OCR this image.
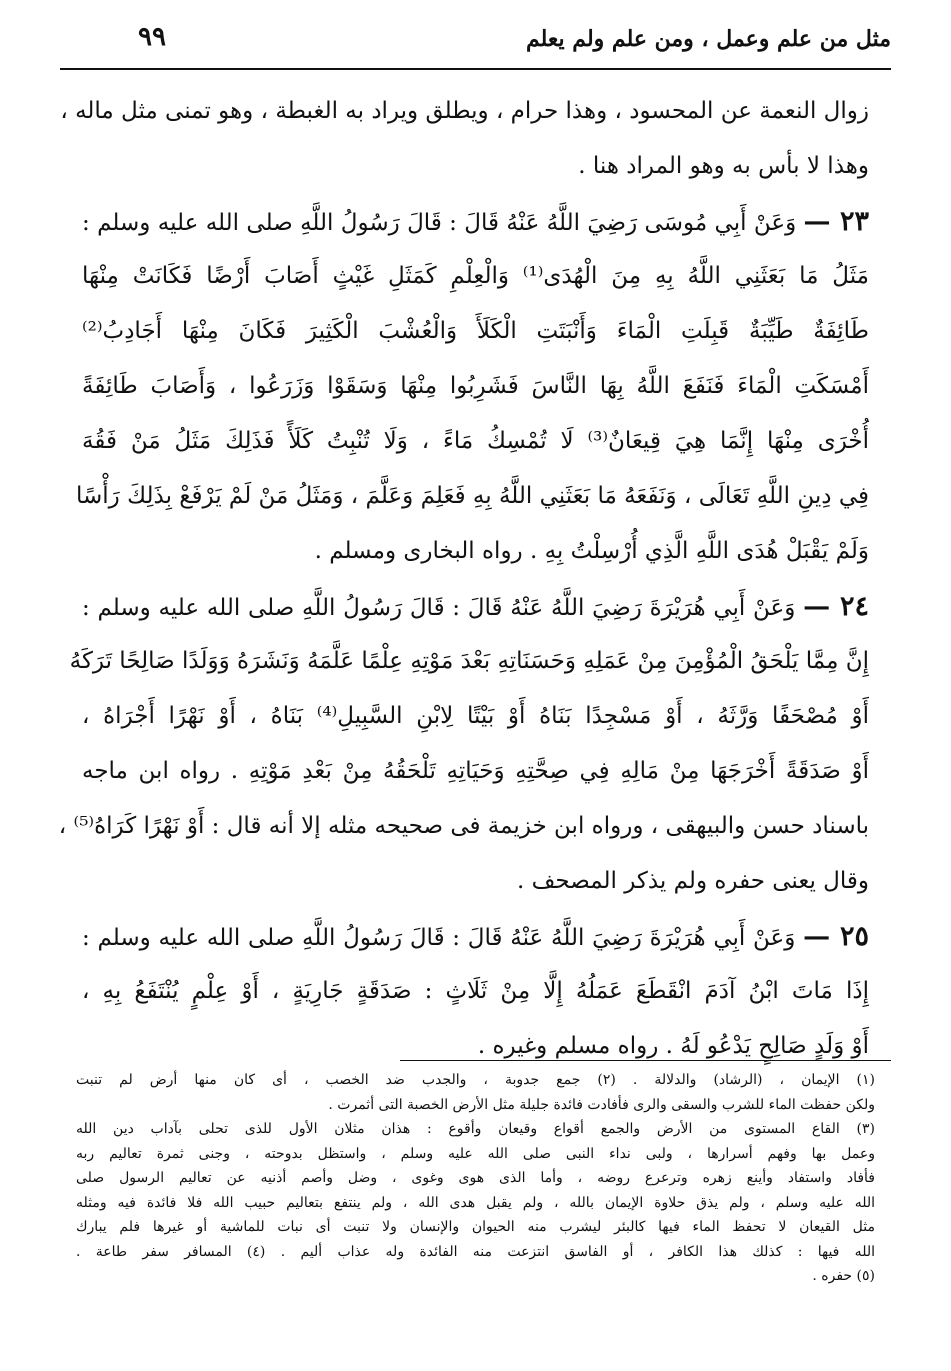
مثل من علم وعمل ، ومن علم ولم يعلم
٩٩
زوال النعمة عن المحسود ، وهذا حرام ، ويطلق ويراد به الغبطة ، وهو تمنى مثل ماله ،
وهذا لا بأس به وهو المراد هنا .
٢٣ — وَعَنْ أَبِي مُوسَى رَضِيَ اللَّهُ عَنْهُ قَالَ : قَالَ رَسُولُ اللَّهِ صلى الله عليه وسلم :
مَثَلُ مَا بَعَثَنِي اللَّهُ بِهِ مِنَ الْهُدَى⁽¹⁾ وَالْعِلْمِ كَمَثَلِ غَيْثٍ أَصَابَ أَرْضًا فَكَانَتْ مِنْهَا
طَائِفَةٌ طَيِّبَةٌ قَبِلَتِ الْمَاءَ وَأَنْبَتَتِ الْكَلَأَ وَالْعُشْبَ الْكَثِيرَ فَكَانَ مِنْهَا أَجَادِبُ⁽²⁾
أَمْسَكَتِ الْمَاءَ فَنَفَعَ اللَّهُ بِهَا النَّاسَ فَشَرِبُوا مِنْهَا وَسَقَوْا وَزَرَعُوا ، وَأَصَابَ طَائِفَةً
أُخْرَى مِنْهَا إِنَّمَا هِيَ قِيعَانٌ⁽³⁾ لَا تُمْسِكُ مَاءً ، وَلَا تُنْبِتُ كَلَأً فَذَلِكَ مَثَلُ مَنْ فَقُهَ
فِي دِينِ اللَّهِ تَعَالَى ، وَنَفَعَهُ مَا بَعَثَنِي اللَّهُ بِهِ فَعَلِمَ وَعَلَّمَ ، وَمَثَلُ مَنْ لَمْ يَرْفَعْ بِذَلِكَ رَأْسًا
وَلَمْ يَقْبَلْ هُدَى اللَّهِ الَّذِي أُرْسِلْتُ بِهِ . رواه البخارى ومسلم .
٢٤ — وَعَنْ أَبِي هُرَيْرَةَ رَضِيَ اللَّهُ عَنْهُ قَالَ : قَالَ رَسُولُ اللَّهِ صلى الله عليه وسلم :
إِنَّ مِمَّا يَلْحَقُ الْمُؤْمِنَ مِنْ عَمَلِهِ وَحَسَنَاتِهِ بَعْدَ مَوْتِهِ عِلْمًا عَلَّمَهُ وَنَشَرَهُ وَوَلَدًا صَالِحًا تَرَكَهُ
أَوْ مُصْحَفًا وَرَّثَهُ ، أَوْ مَسْجِدًا بَنَاهُ أَوْ بَيْتًا لِابْنِ السَّبِيلِ⁽⁴⁾ بَنَاهُ ، أَوْ نَهْرًا أَجْرَاهُ ،
أَوْ صَدَقَةً أَخْرَجَهَا مِنْ مَالِهِ فِي صِحَّتِهِ وَحَيَاتِهِ تَلْحَقُهُ مِنْ بَعْدِ مَوْتِهِ . رواه ابن ماجه
باسناد حسن والبيهقى ، ورواه ابن خزيمة فى صحيحه مثله إلا أنه قال : أَوْ نَهْرًا كَرَاهُ⁽⁵⁾ ،
وقال يعنى حفره ولم يذكر المصحف .
٢٥ — وَعَنْ أَبِي هُرَيْرَةَ رَضِيَ اللَّهُ عَنْهُ قَالَ : قَالَ رَسُولُ اللَّهِ صلى الله عليه وسلم :
إِذَا مَاتَ ابْنُ آدَمَ انْقَطَعَ عَمَلُهُ إِلَّا مِنْ ثَلَاثٍ : صَدَقَةٍ جَارِيَةٍ ، أَوْ عِلْمٍ يُنْتَفَعُ بِهِ ،
أَوْ وَلَدٍ صَالِحٍ يَدْعُو لَهُ . رواه مسلم وغيره .
(١) الإيمان ، (الرشاد) والدلالة . (٢) جمع جدوبة ، والجدب ضد الخصب ، أى كان منها أرض لم تنبت
ولكن حفظت الماء للشرب والسقى والرى فأفادت فائدة جليلة مثل الأرض الخصبة التى أثمرت .
(٣) القاع المستوى من الأرض والجمع أقواع وقيعان وأقوع : هذان مثلان الأول للذى تحلى بآداب دين الله
وعمل بها وفهم أسرارها ، ولبى نداء النبى صلى الله عليه وسلم ، واستظل بدوحته ، وجنى ثمرة تعاليم ربه
فأفاد واستفاد وأينع زهره وترعرع روضه ، وأما الذى هوى وغوى ، وضل وأصم أذنيه عن تعاليم الرسول صلى
الله عليه وسلم ، ولم يذق حلاوة الإيمان بالله ، ولم يقبل هدى الله ، ولم ينتفع بتعاليم حبيب الله فلا فائدة فيه ومثله
مثل القيعان لا تحفظ الماء فيها كالبئر ليشرب منه الحيوان والإنسان ولا تنبت أى نبات للماشية أو غيرها فلم يبارك
الله فيها : كذلك هذا الكافر ، أو الفاسق انتزعت منه الفائدة وله عذاب أليم . (٤) المسافر سفر طاعة .
(٥) حفره .
